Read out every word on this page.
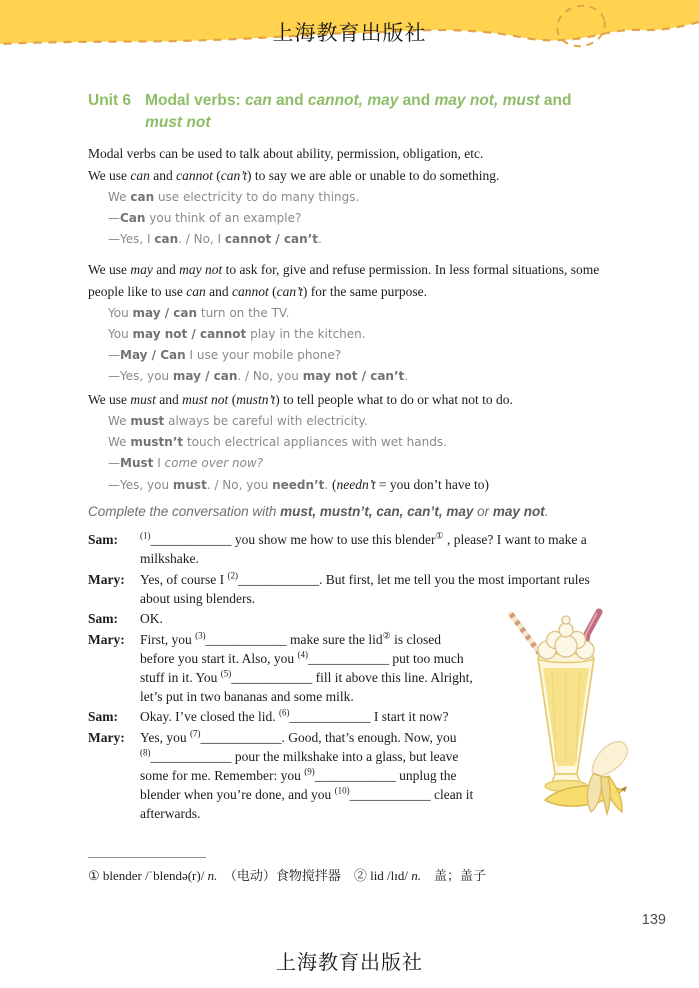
上海教育出版社
Unit 6 Modal verbs: can and cannot, may and may not, must and
must not
Modal verbs can be used to talk about ability, permission, obligation, etc.
We use can and cannot (can’t) to say we are able or unable to do something.
We can use electricity to do many things.
—Can you think of an example?
—Yes, I can. / No, I cannot / can’t.
We use may and may not to ask for, give and refuse permission. In less formal situations, some
people like to use can and cannot (can’t) for the same purpose.
You may / can turn on the TV.
You may not / cannot play in the kitchen.
—May / Can I use your mobile phone?
—Yes, you may / can. / No, you may not / can’t.
We use must and must not (mustn’t) to tell people what to do or what not to do.
We must always be careful with electricity.
We mustn’t touch electrical appliances with wet hands.
—Must I come over now?
—Yes, you must. / No, you needn’t. (needn’t = you don’t have to)
Complete the conversation with must, mustn’t, can, can’t, may or may not.
Sam:	$^{(1)}$____________ you show me how to use this blender① , please? I want to make a milkshake.
Mary:	Yes, of course I $^{(2)}$____________. But first, let me tell you the most important rules about using blenders.
Sam:	OK.
Mary:	First, you $^{(3)}$____________ make sure the lid② is closed before you start it. Also, you $^{(4)}$____________ put too much stuff in it. You $^{(5)}$____________ fill it above this line. Alright, let’s put in two bananas and some milk.
Sam:	Okay. I’ve closed the lid. $^{(6)}$____________ I start it now?
Mary:	Yes, you $^{(7)}$____________. Good, that’s enough. Now, you $^{(8)}$____________ pour the milkshake into a glass, but leave some for me. Remember: you $^{(9)}$____________ unplug the blender when you’re done, and you $^{(10)}$____________ clean it afterwards.
① blender /ˈblendə(r)/ n.　（电动）食物搅拌器　② lid /lɪd/ n.　盖；盖子
139
上海教育出版社
